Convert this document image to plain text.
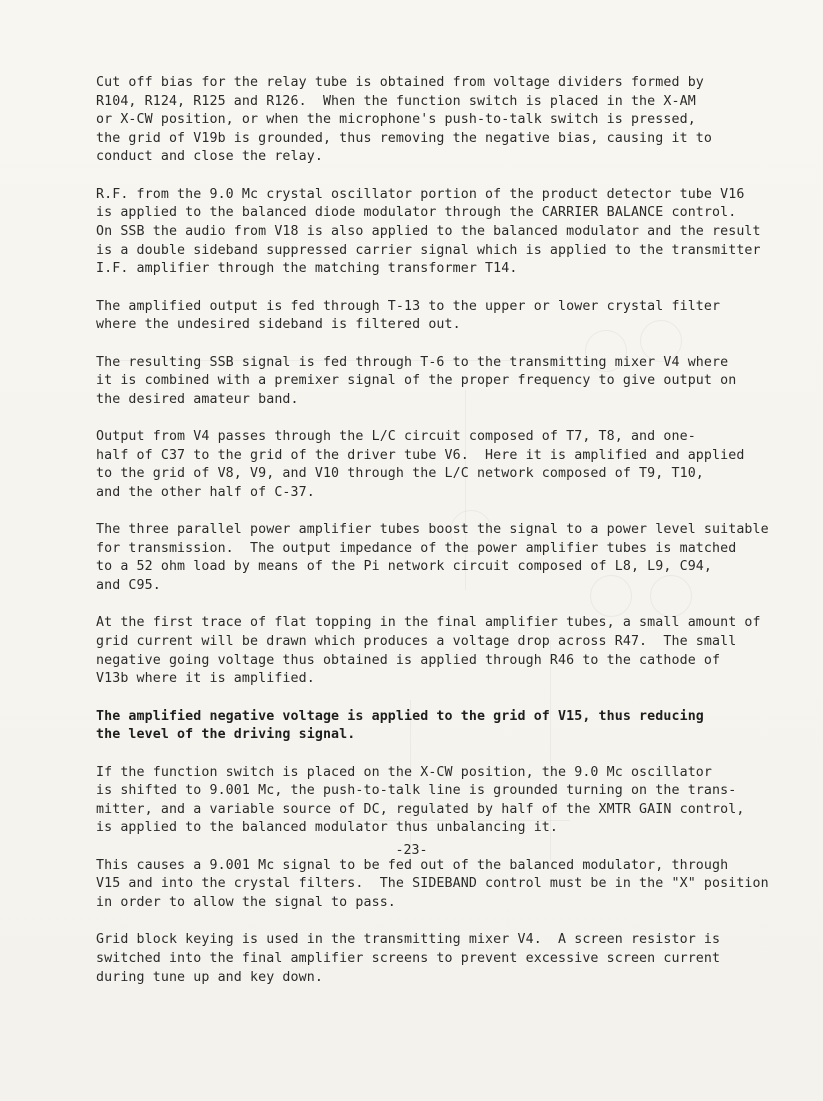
Cut off bias for the relay tube is obtained from voltage dividers formed by
R104, R124, R125 and R126.  When the function switch is placed in the X-AM
or X-CW position, or when the microphone's push-to-talk switch is pressed,
the grid of V19b is grounded, thus removing the negative bias, causing it to
conduct and close the relay.
R.F. from the 9.0 Mc crystal oscillator portion of the product detector tube V16
is applied to the balanced diode modulator through the CARRIER BALANCE control.
On SSB the audio from V18 is also applied to the balanced modulator and the result
is a double sideband suppressed carrier signal which is applied to the transmitter
I.F. amplifier through the matching transformer T14.
The amplified output is fed through T-13 to the upper or lower crystal filter
where the undesired sideband is filtered out.
The resulting SSB signal is fed through T-6 to the transmitting mixer V4 where
it is combined with a premixer signal of the proper frequency to give output on
the desired amateur band.
Output from V4 passes through the L/C circuit composed of T7, T8, and one-
half of C37 to the grid of the driver tube V6.  Here it is amplified and applied
to the grid of V8, V9, and V10 through the L/C network composed of T9, T10,
and the other half of C-37.
The three parallel power amplifier tubes boost the signal to a power level suitable
for transmission.  The output impedance of the power amplifier tubes is matched
to a 52 ohm load by means of the Pi network circuit composed of L8, L9, C94,
and C95.
At the first trace of flat topping in the final amplifier tubes, a small amount of
grid current will be drawn which produces a voltage drop across R47.  The small
negative going voltage thus obtained is applied through R46 to the cathode of
V13b where it is amplified.
The amplified negative voltage is applied to the grid of V15, thus reducing
the level of the driving signal.
If the function switch is placed on the X-CW position, the 9.0 Mc oscillator
is shifted to 9.001 Mc, the push-to-talk line is grounded turning on the trans-
mitter, and a variable source of DC, regulated by half of the XMTR GAIN control,
is applied to the balanced modulator thus unbalancing it.
This causes a 9.001 Mc signal to be fed out of the balanced modulator, through
V15 and into the crystal filters.  The SIDEBAND control must be in the "X" position
in order to allow the signal to pass.
Grid block keying is used in the transmitting mixer V4.  A screen resistor is
switched into the final amplifier screens to prevent excessive screen current
during tune up and key down.
-23-
